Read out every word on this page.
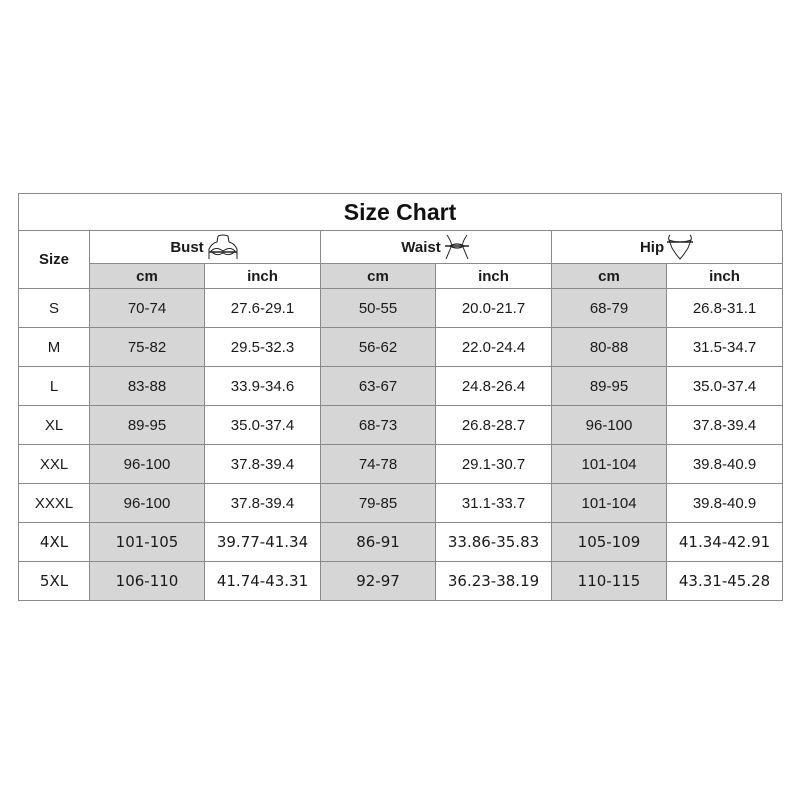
Size Chart
Size	Bust		Waist		Hip	

	cm	inch	cm	inch	cm	inch
S	70-74	27.6-29.1	50-55	20.0-21.7	68-79	26.8-31.1
M	75-82	29.5-32.3	56-62	22.0-24.4	80-88	31.5-34.7
L	83-88	33.9-34.6	63-67	24.8-26.4	89-95	35.0-37.4
XL	89-95	35.0-37.4	68-73	26.8-28.7	96-100	37.8-39.4
XXL	96-100	37.8-39.4	74-78	29.1-30.7	101-104	39.8-40.9
XXXL	96-100	37.8-39.4	79-85	31.1-33.7	101-104	39.8-40.9
4XL	101-105	39.77-41.34	86-91	33.86-35.83	105-109	41.34-42.91
5XL	106-110	41.74-43.31	92-97	36.23-38.19	110-115	43.31-45.28
